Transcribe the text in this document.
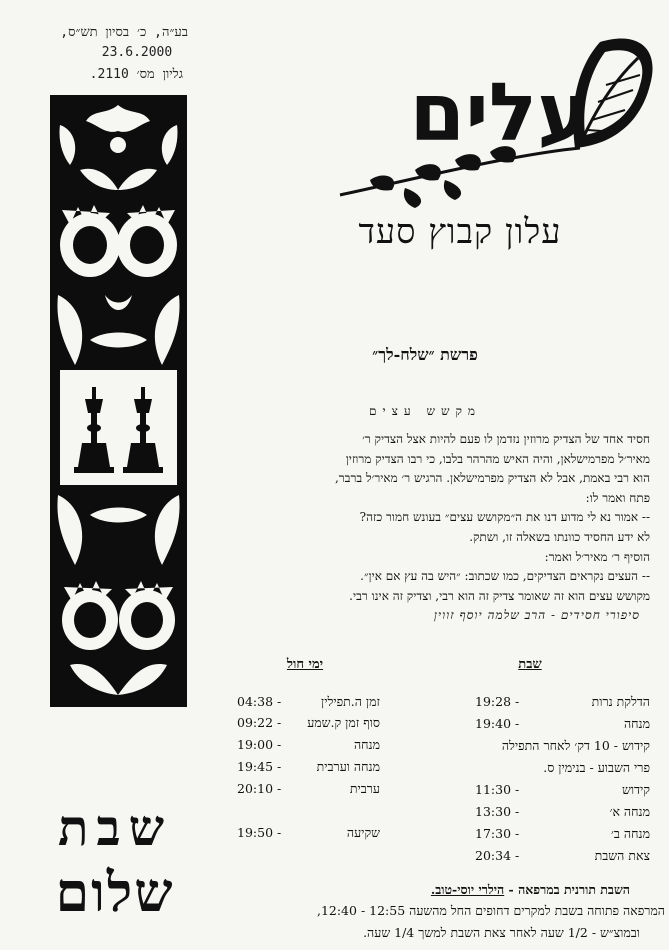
בע״ה, כ׳ בסיון תש״ס,
23.6.2000
גליון מס׳ 2110.
שבת
שלום
עלים
עלון קבוץ סעד
פרשת ״שלח-לך״
מקשש עצים

חסיד אחד של הצדיק מרוזין נזדמן לו פעם להיות אצל הצדיק ר׳

מאיר׳ל מפרמישלאן, והיה האיש מהרהר בלבו, כי רבו הצדיק מרוזין

הוא רבי באמת, אבל לא הצדיק מפרמישלאן. הרגיש ר׳ מאיר׳ל ברבר,

פתח ואמר לו:

-- אמור נא לי מדוע דנו את ה״מקושש עצים״ בעונש חמור כזה?

לא ידע החסיד כוונתו בשאלה זו, ושתק.

הוסיף ר׳ מאיר׳ל ואמר:

-- העצים נקראים הצדיקים, כמו שכתוב: ״היש בה עץ אם אין״.

מקושש עצים הוא זה שאומר צדיק זה הוא רבי, וצדיק זה אינו רבי.

סיפורי חסידים - הרב שלמה יוסף זווין

שבת
הדלקת נרות
19:28 -
מנחה
19:40 -
קידוש - 10 דק׳ לאחר התפילה
פרי השבוע - בנימין ס.
קידוש
11:30 -
מנחה א׳
13:30 -
מנחה ב׳
17:30 -
צאת השבת
20:34 -
ימי חול
זמן ה.תפילין
04:38 -
סוף זמן ק.שמע
09:22 -
מנחה
19:00 -
מנחה וערבית
19:45 -
ערבית
20:10 -
שקיעה
19:50 -
השבת תורנית במרפאה - הילרי יוסי-טוב.
המרפאה פתוחה בשבת למקרים דחופים החל מהשעה 12:55 - 12:40,
ובמוצ״ש - 1/2 שעה לאחר צאת השבת למשך 1/4 שעה.
